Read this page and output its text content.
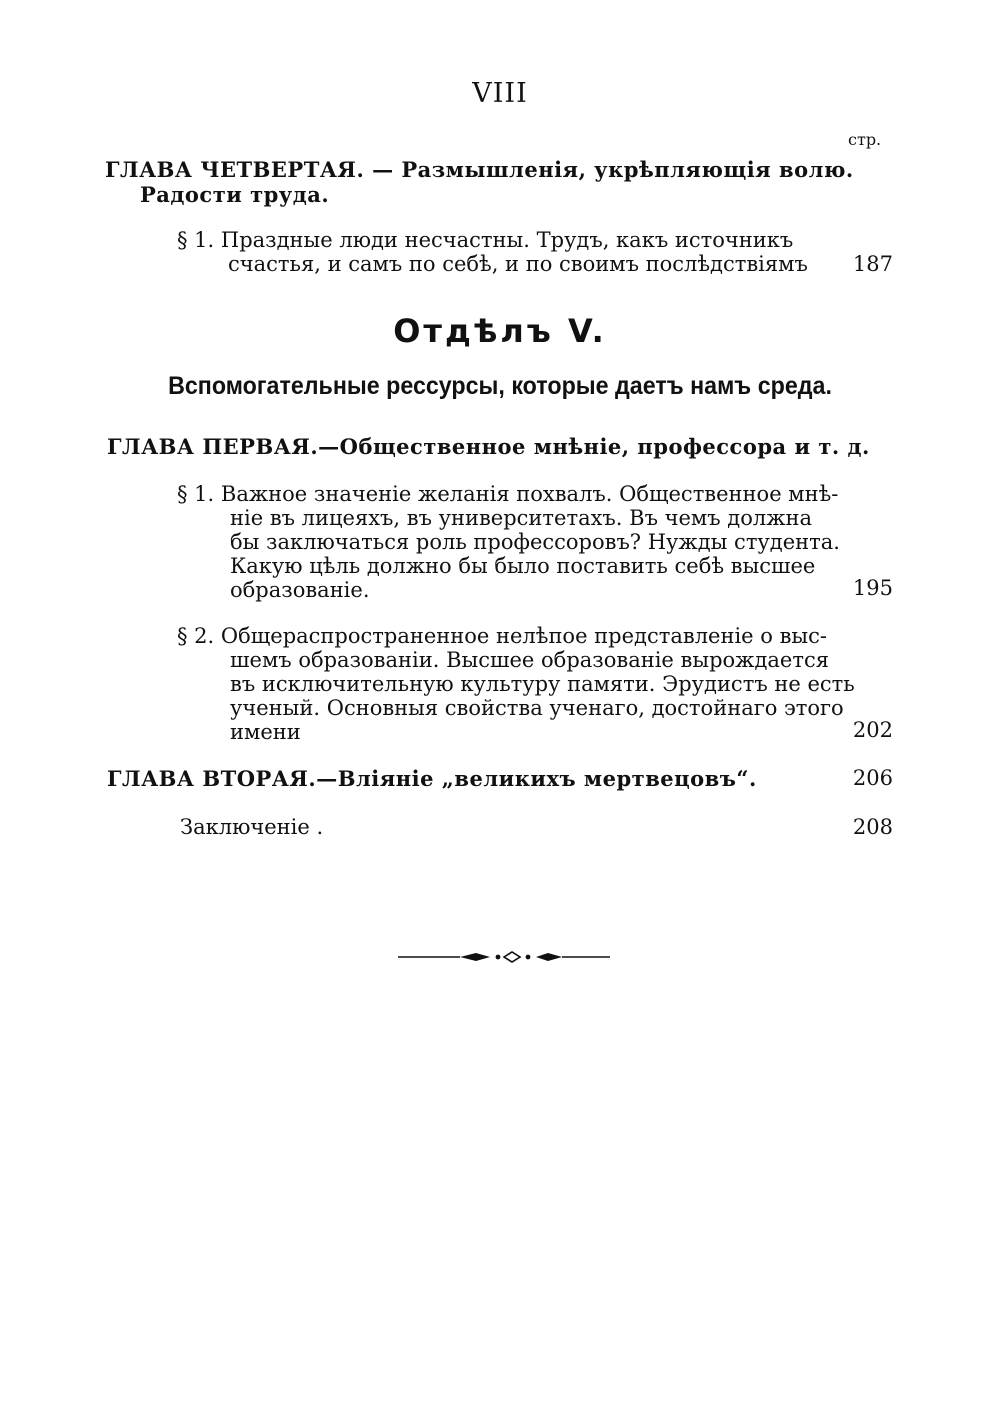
VIII
стр.
ГЛАВА ЧЕТВЕРТАЯ. — Размышленія, укрѣпляющія волю.
Радости труда.
§ 1. Праздные люди несчастны. Трудъ, какъ источникъ
счастья, и самъ по себѣ, и по своимъ послѣдствіямъ	187
Отдѣлъ V.
Вспомогательные рессурсы, которые даетъ намъ среда.
ГЛАВА ПЕРВАЯ.—Общественное мнѣніе, профессора и т. д.
§ 1. Важное значеніе желанія похвалъ. Общественное мнѣ-
ніе въ лицеяхъ, въ университетахъ. Въ чемъ должна
бы заключаться роль профессоровъ? Нужды студента.
Какую цѣль должно бы было поставить себѣ высшее
образованіе.	195
§ 2. Общераспространенное нелѣпое представленіе о выс-
шемъ образованіи. Высшее образованіе вырождается
въ исключительную культуру памяти. Эрудистъ не есть
ученый. Основныя свойства ученаго, достойнаго этого
имени	202
ГЛАВА ВТОРАЯ.—Вліяніе „великихъ мертвецовъ“.	206
Заключеніе .	208
